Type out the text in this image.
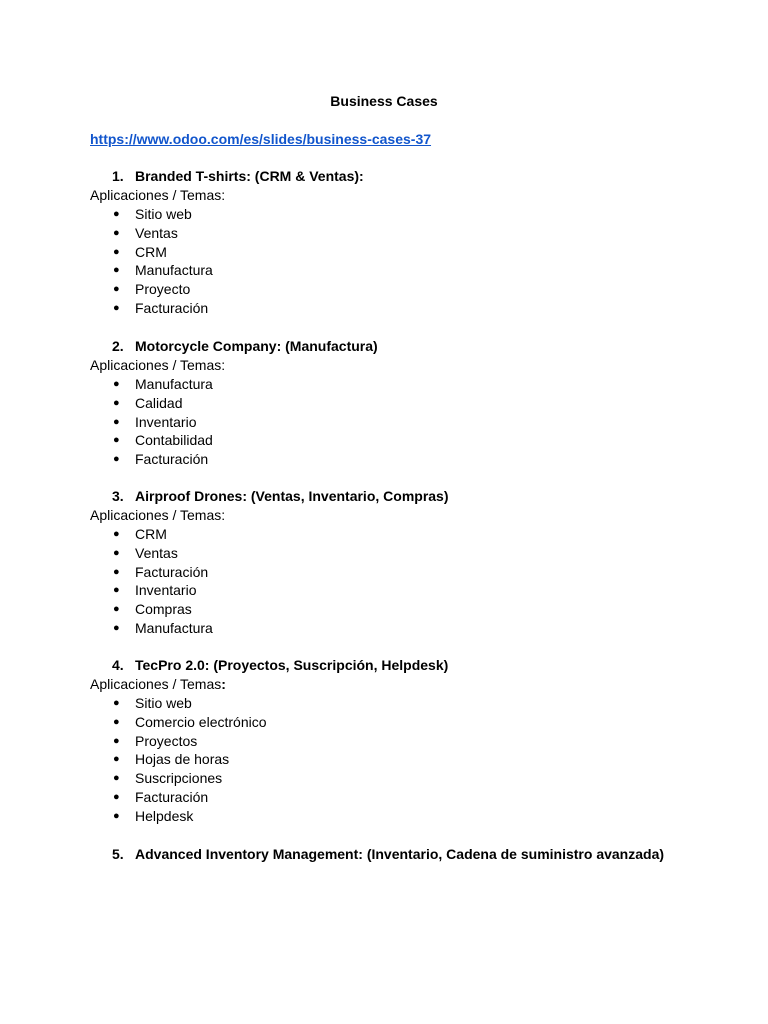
Business Cases
https://www.odoo.com/es/slides/business-cases-37
1. Branded T-shirts: (CRM & Ventas):
Aplicaciones / Temas:
● Sitio web
● Ventas
● CRM
● Manufactura
● Proyecto
● Facturación
2. Motorcycle Company: (Manufactura)
Aplicaciones / Temas:
● Manufactura
● Calidad
● Inventario
● Contabilidad
● Facturación
3. Airproof Drones: (Ventas, Inventario, Compras)
Aplicaciones / Temas:
● CRM
● Ventas
● Facturación
● Inventario
● Compras
● Manufactura
4. TecPro 2.0: (Proyectos, Suscripción, Helpdesk)
Aplicaciones / Temas:
● Sitio web
● Comercio electrónico
● Proyectos
● Hojas de horas
● Suscripciones
● Facturación
● Helpdesk
5. Advanced Inventory Management: (Inventario, Cadena de suministro avanzada)
